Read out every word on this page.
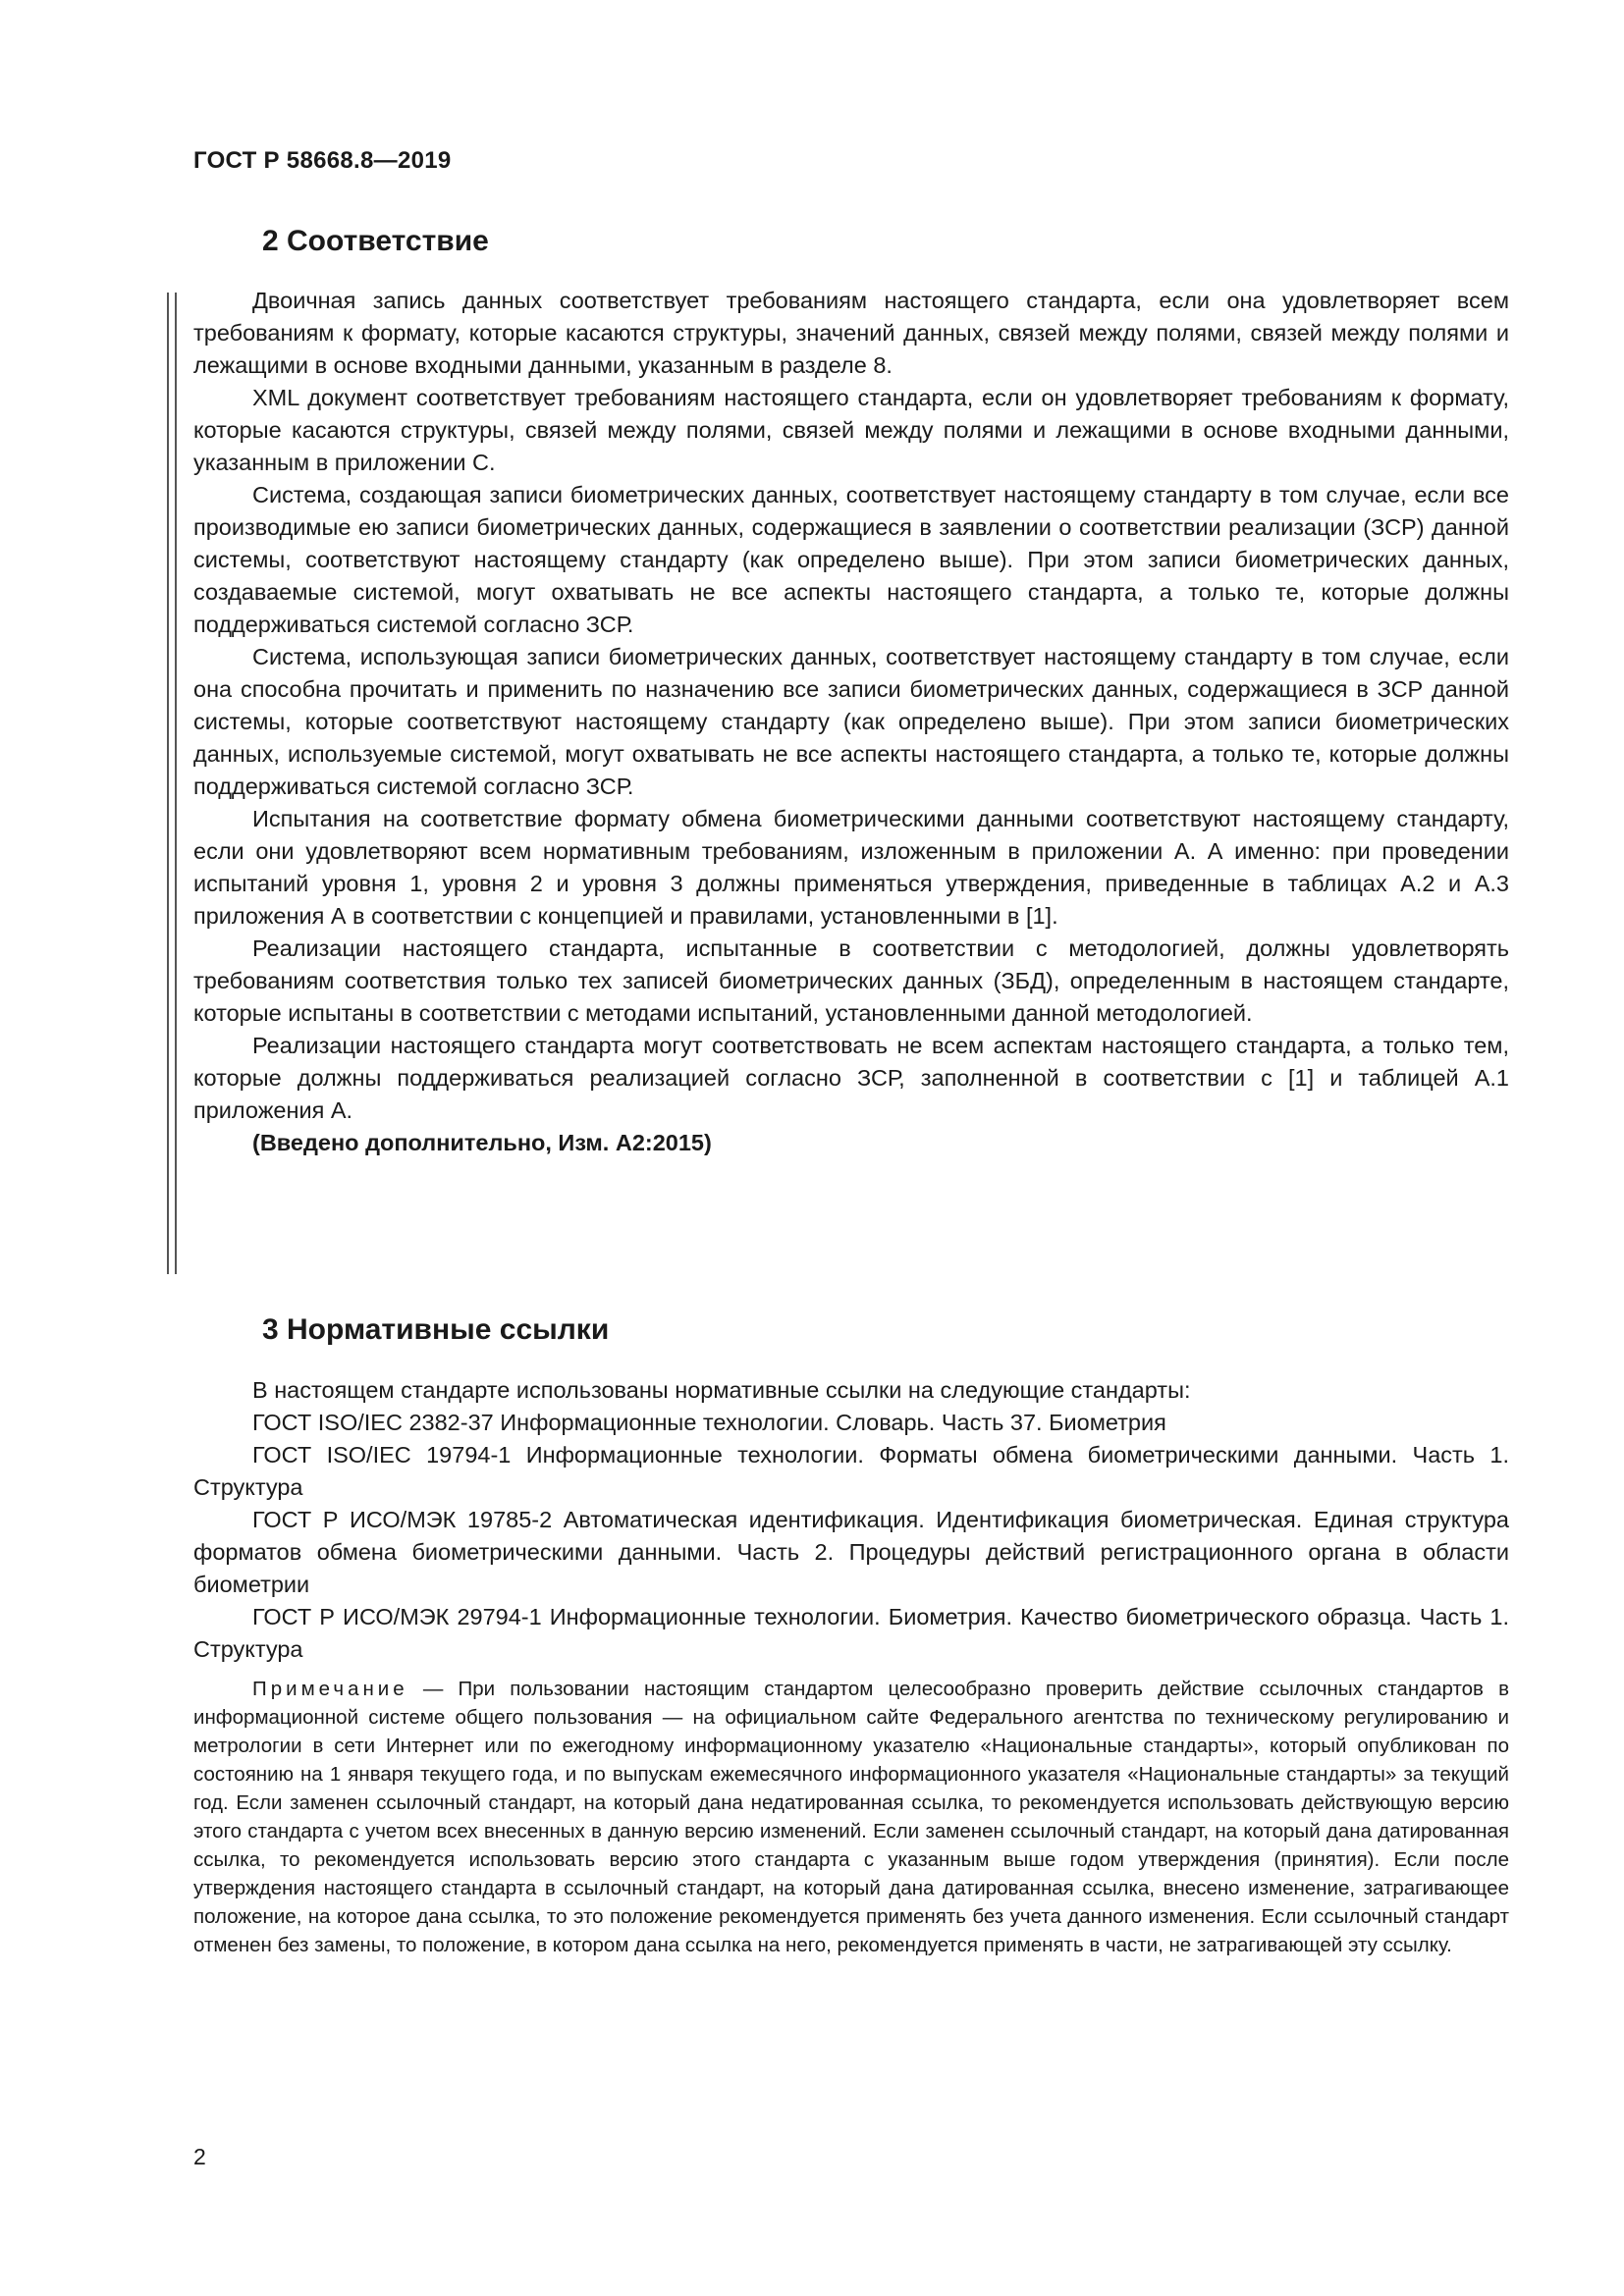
ГОСТ Р 58668.8—2019
2 Соответствие

Двоичная запись данных соответствует требованиям настоящего стандарта, если она удовлетворяет всем требованиям к формату, которые касаются структуры, значений данных, связей между полями, связей между полями и лежащими в основе входными данными, указанным в разделе 8.

XML документ соответствует требованиям настоящего стандарта, если он удовлетворяет требованиям к формату, которые касаются структуры, связей между полями, связей между полями и лежащими в основе входными данными, указанным в приложении С.

Система, создающая записи биометрических данных, соответствует настоящему стандарту в том случае, если все производимые ею записи биометрических данных, содержащиеся в заявлении о соответствии реализации (ЗСР) данной системы, соответствуют настоящему стандарту (как определено выше). При этом записи биометрических данных, создаваемые системой, могут охватывать не все аспекты настоящего стандарта, а только те, которые должны поддерживаться системой согласно ЗСР.

Система, использующая записи биометрических данных, соответствует настоящему стандарту в том случае, если она способна прочитать и применить по назначению все записи биометрических данных, содержащиеся в ЗСР данной системы, которые соответствуют настоящему стандарту (как определено выше). При этом записи биометрических данных, используемые системой, могут охватывать не все аспекты настоящего стандарта, а только те, которые должны поддерживаться системой согласно ЗСР.

Испытания на соответствие формату обмена биометрическими данными соответствуют настоящему стандарту, если они удовлетворяют всем нормативным требованиям, изложенным в приложении А. А именно: при проведении испытаний уровня 1, уровня 2 и уровня 3 должны применяться утверждения, приведенные в таблицах А.2 и А.3 приложения А в соответствии с концепцией и правилами, установленными в [1].

Реализации настоящего стандарта, испытанные в соответствии с методологией, должны удовлетворять требованиям соответствия только тех записей биометрических данных (ЗБД), определенным в настоящем стандарте, которые испытаны в соответствии с методами испытаний, установленными данной методологией.

Реализации настоящего стандарта могут соответствовать не всем аспектам настоящего стандарта, а только тем, которые должны поддерживаться реализацией согласно ЗСР, заполненной в соответствии с [1] и таблицей А.1 приложения А.

(Введено дополнительно, Изм. А2:2015)

3 Нормативные ссылки

В настоящем стандарте использованы нормативные ссылки на следующие стандарты:

ГОСТ ISO/IEC 2382-37 Информационные технологии. Словарь. Часть 37. Биометрия

ГОСТ ISO/IEC 19794-1 Информационные технологии. Форматы обмена биометрическими данными. Часть 1. Структура

ГОСТ Р ИСО/МЭК 19785-2 Автоматическая идентификация. Идентификация биометрическая. Единая структура форматов обмена биометрическими данными. Часть 2. Процедуры действий регистрационного органа в области биометрии

ГОСТ Р ИСО/МЭК 29794-1 Информационные технологии. Биометрия. Качество биометрического образца. Часть 1. Структура

Примечание — При пользовании настоящим стандартом целесообразно проверить действие ссылочных стандартов в информационной системе общего пользования — на официальном сайте Федерального агентства по техническому регулированию и метрологии в сети Интернет или по ежегодному информационному указателю «Национальные стандарты», который опубликован по состоянию на 1 января текущего года, и по выпускам ежемесячного информационного указателя «Национальные стандарты» за текущий год. Если заменен ссылочный стандарт, на который дана недатированная ссылка, то рекомендуется использовать действующую версию этого стандарта с учетом всех внесенных в данную версию изменений. Если заменен ссылочный стандарт, на который дана датированная ссылка, то рекомендуется использовать версию этого стандарта с указанным выше годом утверждения (принятия). Если после утверждения настоящего стандарта в ссылочный стандарт, на который дана датированная ссылка, внесено изменение, затрагивающее положение, на которое дана ссылка, то это положение рекомендуется применять без учета данного изменения. Если ссылочный стандарт отменен без замены, то положение, в котором дана ссылка на него, рекомендуется применять в части, не затрагивающей эту ссылку.

2
